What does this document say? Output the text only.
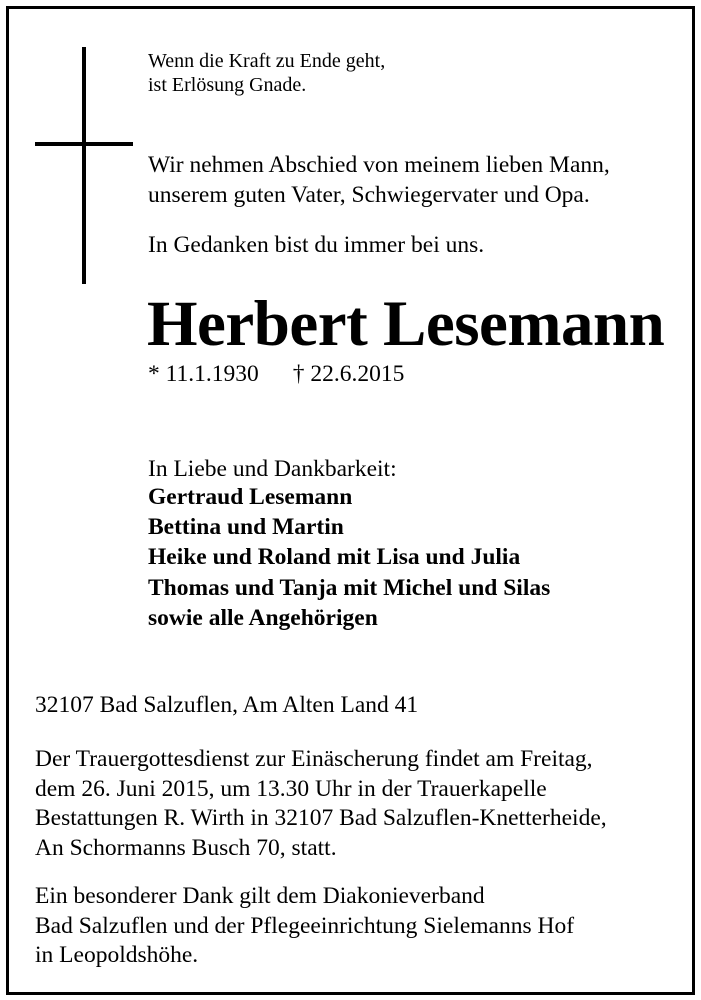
Wenn die Kraft zu Ende geht,
ist Erlösung Gnade.
Wir nehmen Abschied von meinem lieben Mann,
unserem guten Vater, Schwiegervater und Opa.
In Gedanken bist du immer bei uns.
Herbert Lesemann
* 11.1.1930 † 22.6.2015
In Liebe und Dankbarkeit:
Gertraud Lesemann
Bettina und Martin
Heike und Roland mit Lisa und Julia
Thomas und Tanja mit Michel und Silas
sowie alle Angehörigen
32107 Bad Salzuflen, Am Alten Land 41
Der Trauergottesdienst zur Einäscherung findet am Freitag,
dem 26. Juni 2015, um 13.30 Uhr in der Trauerkapelle
Bestattungen R. Wirth in 32107 Bad Salzuflen-Knetterheide,
An Schormanns Busch 70, statt.
Ein besonderer Dank gilt dem Diakonieverband
Bad Salzuflen und der Pflegeeinrichtung Sielemanns Hof
in Leopoldshöhe.
